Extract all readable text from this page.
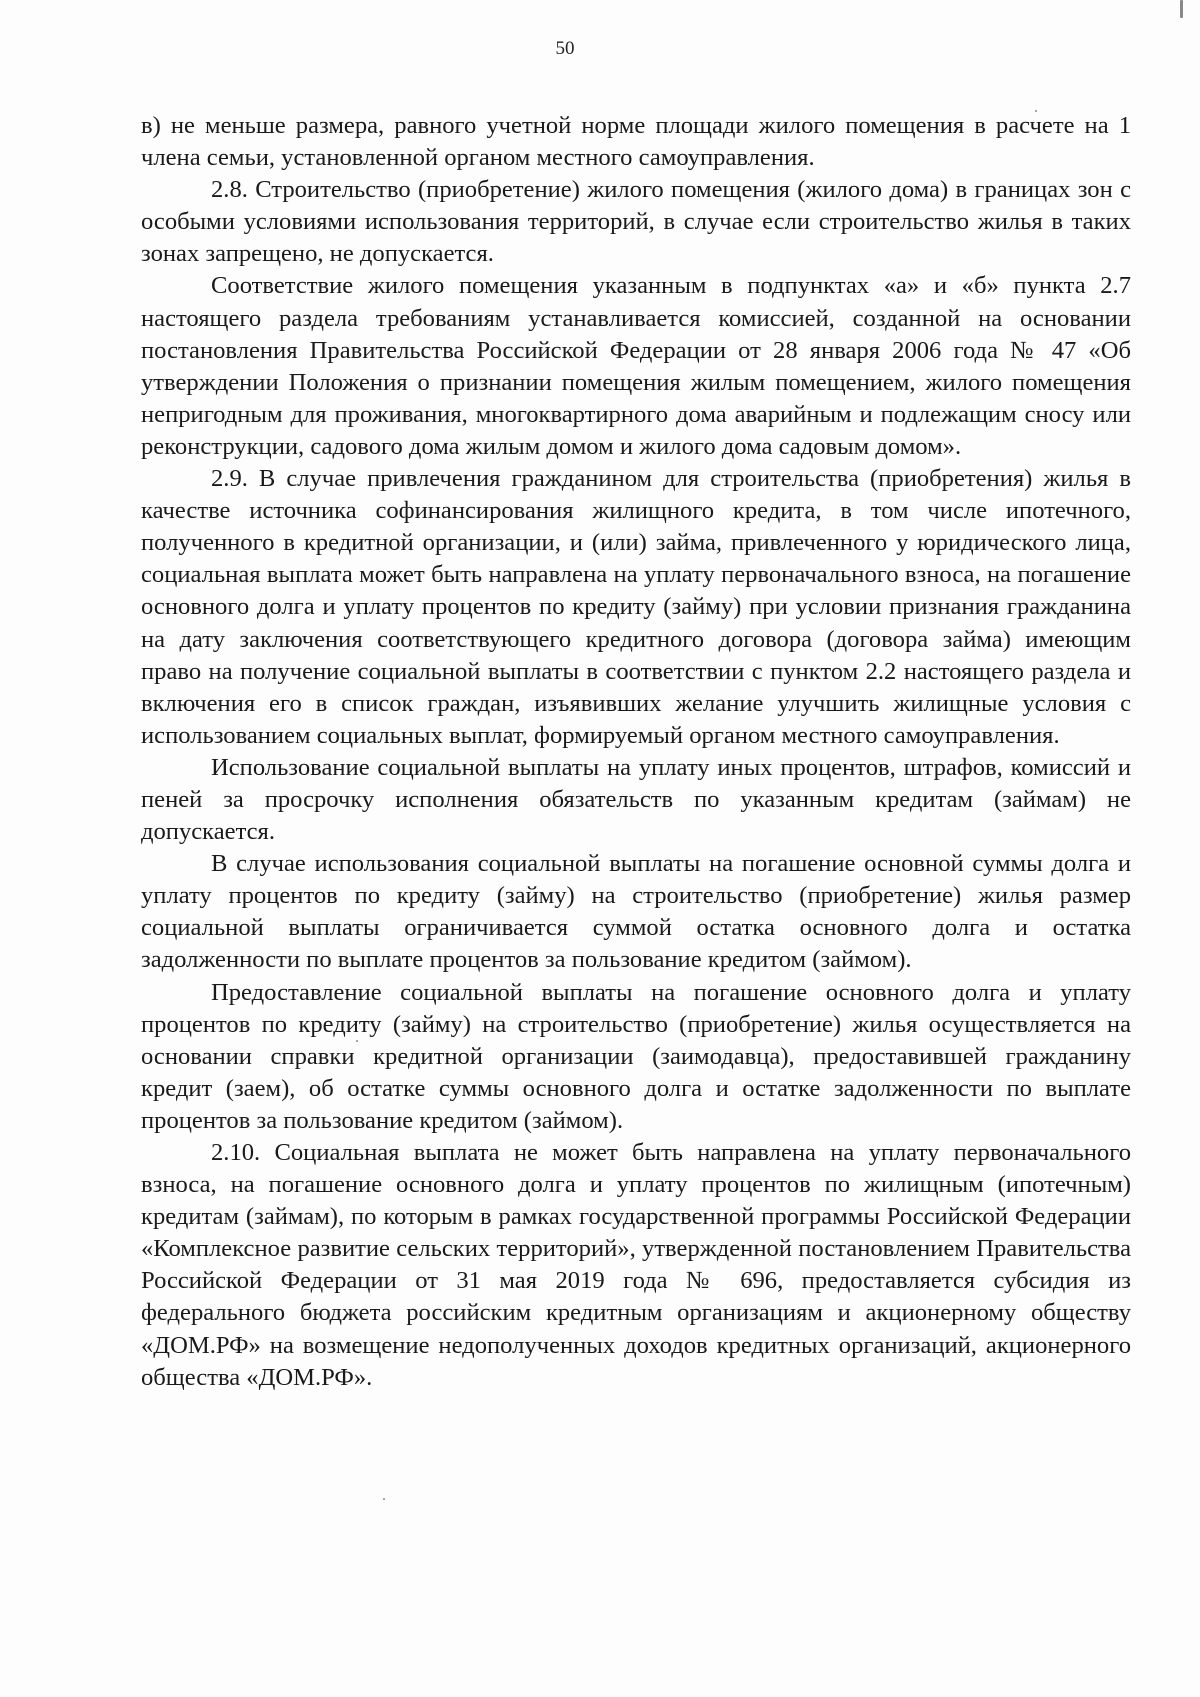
50

в) не меньше размера, равного учетной норме площади жилого помещения в расчете на 1 члена семьи, установленной органом местного самоуправления.

2.8. Строительство (приобретение) жилого помещения (жилого дома) в границах зон с особыми условиями использования территорий, в случае если строительство жилья в таких зонах запрещено, не допускается.

Соответствие жилого помещения указанным в подпунктах «а» и «б» пункта 2.7 настоящего раздела требованиям устанавливается комиссией, созданной на основании постановления Правительства Российской Федерации от 28 января 2006 года № 47 «Об утверждении Положения о признании помещения жилым помещением, жилого помещения непригодным для проживания, многоквартирного дома аварийным и подлежащим сносу или реконструкции, садового дома жилым домом и жилого дома садовым домом».

2.9. В случае привлечения гражданином для строительства (приобретения) жилья в качестве источника софинансирования жилищного кредита, в том числе ипотечного, полученного в кредитной организации, и (или) займа, привлеченного у юридического лица, социальная выплата может быть направлена на уплату первоначального взноса, на погашение основного долга и уплату процентов по кредиту (займу) при условии признания гражданина на дату заключения соответствующего кредитного договора (договора займа) имеющим право на получение социальной выплаты в соответствии с пунктом 2.2 настоящего раздела и включения его в список граждан, изъявивших желание улучшить жилищные условия с использованием социальных выплат, формируемый органом местного самоуправления.

Использование социальной выплаты на уплату иных процентов, штрафов, комиссий и пеней за просрочку исполнения обязательств по указанным кредитам (займам) не допускается.

В случае использования социальной выплаты на погашение основной суммы долга и уплату процентов по кредиту (займу) на строительство (приобретение) жилья размер социальной выплаты ограничивается суммой остатка основного долга и остатка задолженности по выплате процентов за пользование кредитом (займом).

Предоставление социальной выплаты на погашение основного долга и уплату процентов по кредиту (займу) на строительство (приобретение) жилья осуществляется на основании справки кредитной организации (заимодавца), предоставившей гражданину кредит (заем), об остатке суммы основного долга и остатке задолженности по выплате процентов за пользование кредитом (займом).

2.10. Социальная выплата не может быть направлена на уплату первоначального взноса, на погашение основного долга и уплату процентов по жилищным (ипотечным) кредитам (займам), по которым в рамках государственной программы Российской Федерации «Комплексное развитие сельских территорий», утвержденной постановлением Правительства Российской Федерации от 31 мая 2019 года № 696, предоставляется субсидия из федерального бюджета российским кредитным организациям и акционерному обществу «ДОМ.РФ» на возмещение недополученных доходов кредитных организаций, акционерного общества «ДОМ.РФ».
